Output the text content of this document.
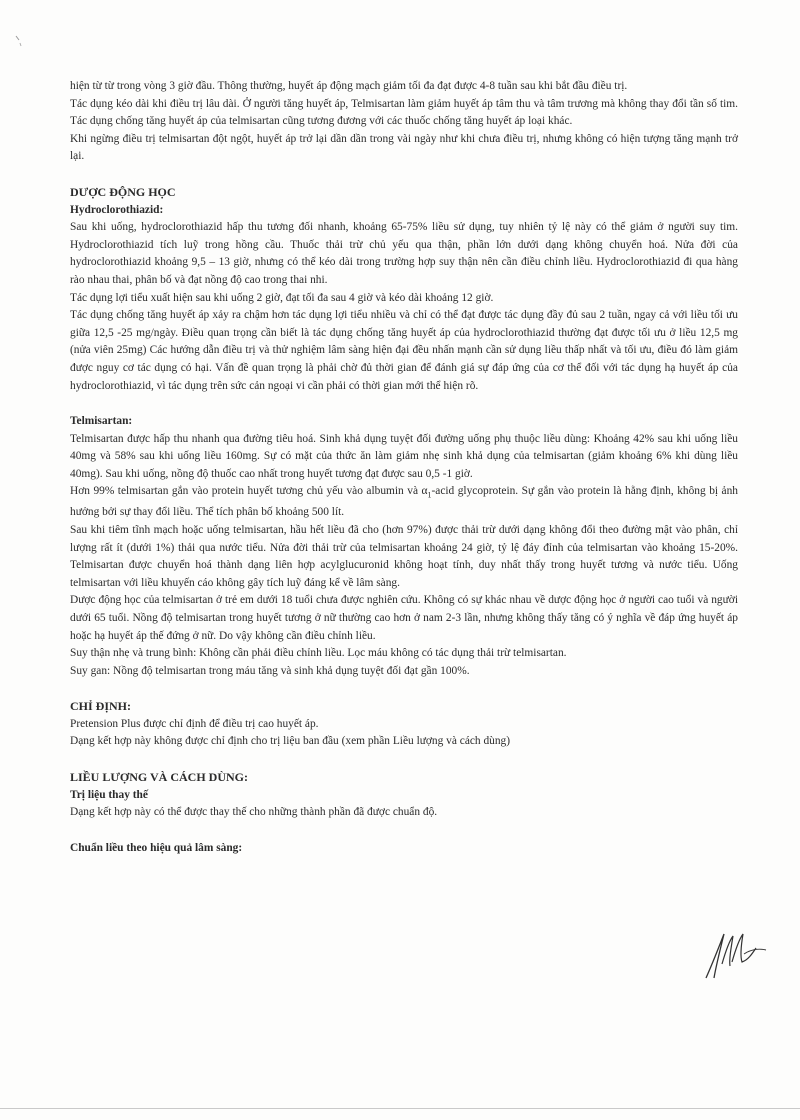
hiện từ từ trong vòng 3 giờ đầu. Thông thường, huyết áp động mạch giảm tối đa đạt được 4-8 tuần sau khi bắt đầu điều trị.

Tác dụng kéo dài khi điều trị lâu dài. Ở người tăng huyết áp, Telmisartan làm giảm huyết áp tâm thu và tâm trương mà không thay đổi tần số tim. Tác dụng chống tăng huyết áp của telmisartan cũng tương đương với các thuốc chống tăng huyết áp loại khác.

Khi ngừng điều trị telmisartan đột ngột, huyết áp trở lại dần dần trong vài ngày như khi chưa điều trị, nhưng không có hiện tượng tăng mạnh trở lại.

DƯỢC ĐỘNG HỌC

Hydroclorothiazid:

Sau khi uống, hydroclorothiazid hấp thu tương đối nhanh, khoảng 65-75% liều sử dụng, tuy nhiên tỷ lệ này có thể giảm ở người suy tim. Hydroclorothiazid tích luỹ trong hồng cầu. Thuốc thải trừ chủ yếu qua thận, phần lớn dưới dạng không chuyển hoá. Nửa đời của hydroclorothiazid khoảng 9,5 – 13 giờ, nhưng có thể kéo dài trong trường hợp suy thận nên cần điều chỉnh liều. Hydroclorothiazid đi qua hàng rào nhau thai, phân bố và đạt nồng độ cao trong thai nhi.

Tác dụng lợi tiểu xuất hiện sau khi uống 2 giờ, đạt tối đa sau 4 giờ và kéo dài khoảng 12 giờ.

Tác dụng chống tăng huyết áp xảy ra chậm hơn tác dụng lợi tiểu nhiều và chỉ có thể đạt được tác dụng đầy đủ sau 2 tuần, ngay cả với liều tối ưu giữa 12,5 -25 mg/ngày. Điều quan trọng cần biết là tác dụng chống tăng huyết áp của hydroclorothiazid thường đạt được tối ưu ở liều 12,5 mg (nửa viên 25mg) Các hướng dẫn điều trị và thử nghiệm lâm sàng hiện đại đều nhấn mạnh cần sử dụng liều thấp nhất và tối ưu, điều đó làm giảm được nguy cơ tác dụng có hại. Vấn đề quan trọng là phải chờ đủ thời gian để đánh giá sự đáp ứng của cơ thể đối với tác dụng hạ huyết áp của hydroclorothiazid, vì tác dụng trên sức cản ngoại vi cần phải có thời gian mới thể hiện rõ.

Telmisartan:

Telmisartan được hấp thu nhanh qua đường tiêu hoá. Sinh khả dụng tuyệt đối đường uống phụ thuộc liều dùng: Khoảng 42% sau khi uống liều 40mg và 58% sau khi uống liều 160mg. Sự có mặt của thức ăn làm giảm nhẹ sinh khả dụng của telmisartan (giảm khoảng 6% khi dùng liều 40mg). Sau khi uống, nồng độ thuốc cao nhất trong huyết tương đạt được sau 0,5 -1 giờ.

Hơn 99% telmisartan gắn vào protein huyết tương chủ yếu vào albumin và $\alpha_1$-acid glycoprotein. Sự gắn vào protein là hằng định, không bị ảnh hưởng bởi sự thay đổi liều. Thể tích phân bố khoảng 500 lít.

Sau khi tiêm tĩnh mạch hoặc uống telmisartan, hầu hết liều đã cho (hơn 97%) được thải trừ dưới dạng không đổi theo đường mật vào phân, chỉ lượng rất ít (dưới 1%) thải qua nước tiểu. Nửa đời thải trừ của telmisartan khoảng 24 giờ, tỷ lệ đáy đỉnh của telmisartan vào khoảng 15-20%. Telmisartan được chuyển hoá thành dạng liên hợp acylglucuronid không hoạt tính, duy nhất thấy trong huyết tương và nước tiểu. Uống telmisartan với liều khuyến cáo không gây tích luỹ đáng kể về lâm sàng.

Dược động học của telmisartan ở trẻ em dưới 18 tuổi chưa được nghiên cứu. Không có sự khác nhau về dược động học ở người cao tuổi và người dưới 65 tuổi. Nồng độ telmisartan trong huyết tương ở nữ thường cao hơn ở nam 2-3 lần, nhưng không thấy tăng có ý nghĩa về đáp ứng huyết áp hoặc hạ huyết áp thế đứng ở nữ. Do vậy không cần điều chỉnh liều.

Suy thận nhẹ và trung bình: Không cần phải điều chỉnh liều. Lọc máu không có tác dụng thải trừ telmisartan.

Suy gan: Nồng độ telmisartan trong máu tăng và sinh khả dụng tuyệt đối đạt gần 100%.

CHỈ ĐỊNH:

Pretension Plus được chỉ định để điều trị cao huyết áp.

Dạng kết hợp này không được chỉ định cho trị liệu ban đầu (xem phần Liều lượng và cách dùng)

LIỀU LƯỢNG VÀ CÁCH DÙNG:

Trị liệu thay thế

Dạng kết hợp này có thể được thay thế cho những thành phần đã được chuẩn độ.

Chuẩn liều theo hiệu quả lâm sàng:
